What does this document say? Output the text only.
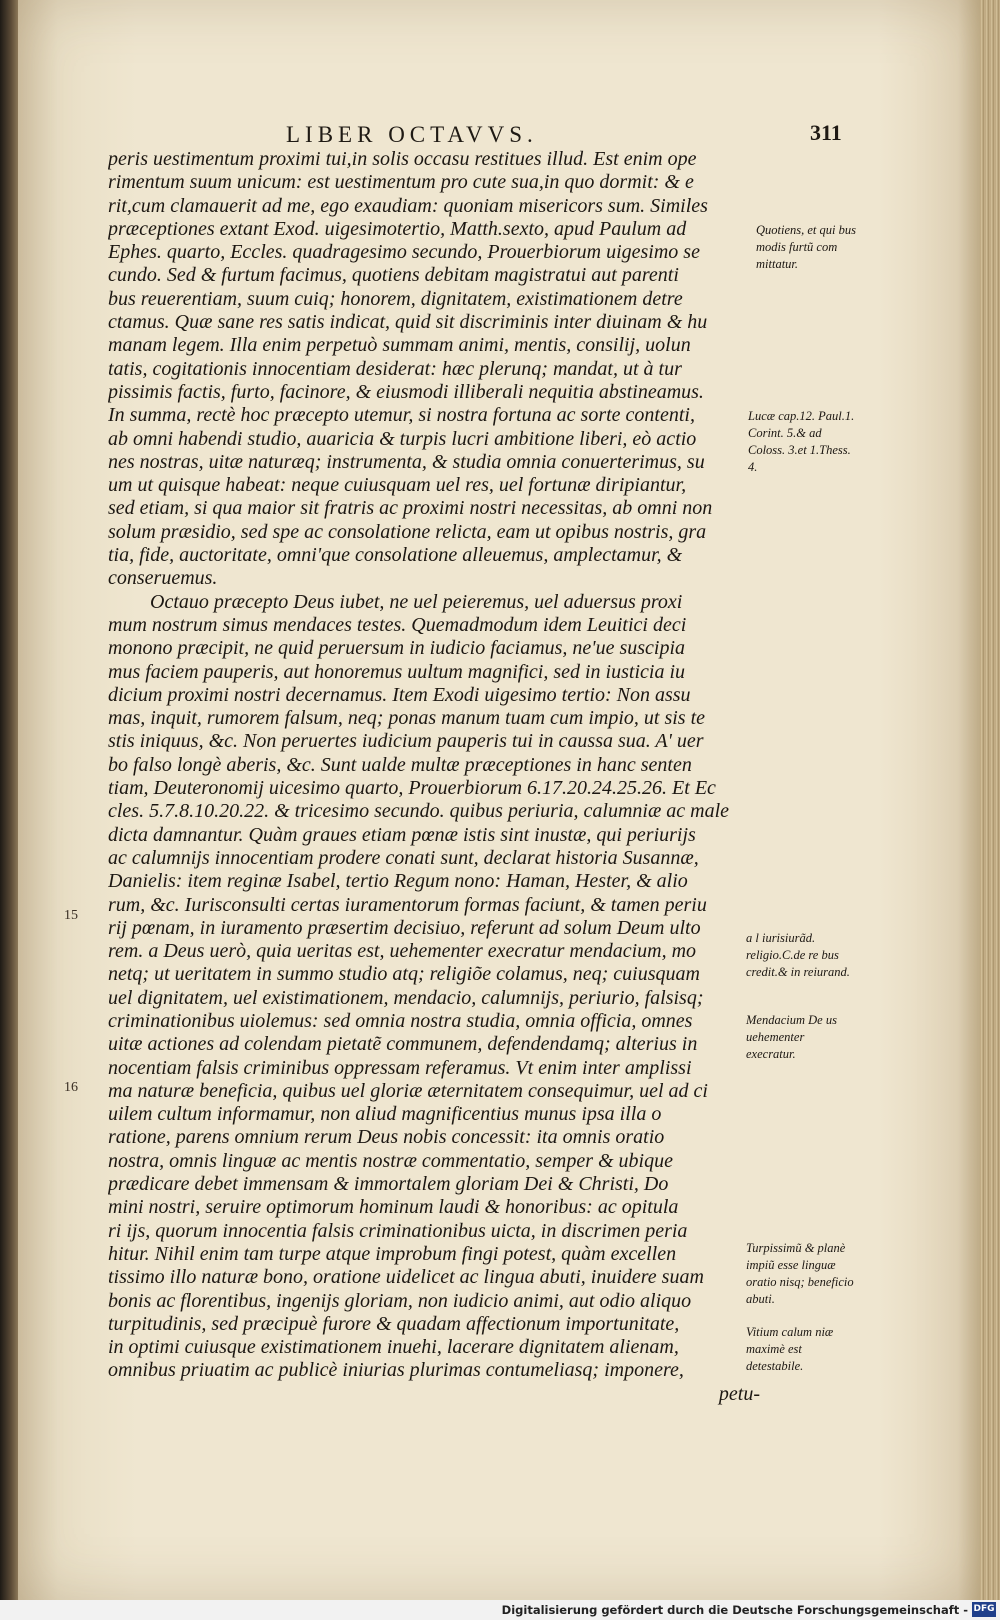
LIBER OCTAVVS.	311
peris uestimentum proximi tui,in solis occasu restitues illud. Est enim ope
rimentum suum unicum: est uestimentum pro cute sua,in quo dormit: & e
rit,cum clamauerit ad me, ego exaudiam: quoniam misericors sum. Similes
præceptiones extant Exod. uigesimotertio, Matth.sexto, apud Paulum ad
Ephes. quarto, Eccles. quadragesimo secundo, Prouerbiorum uigesimo se
cundo. Sed & furtum facimus, quotiens debitam magistratui aut parenti
bus reuerentiam, suum cuiq; honorem, dignitatem, existimationem detre
ctamus. Quæ sane res satis indicat, quid sit discriminis inter diuinam & hu
manam legem. Illa enim perpetuò summam animi, mentis, consilij, uolun
tatis, cogitationis innocentiam desiderat: hæc plerunq; mandat, ut à tur
pissimis factis, furto, facinore, & eiusmodi illiberali nequitia abstineamus.
In summa, rectè hoc præcepto utemur, si nostra fortuna ac sorte contenti,
ab omni habendi studio, auaricia & turpis lucri ambitione liberi, eò actio
nes nostras, uitæ naturæq; instrumenta, & studia omnia conuerterimus, su
um ut quisque habeat: neque cuiusquam uel res, uel fortunæ diripiantur,
sed etiam, si qua maior sit fratris ac proximi nostri necessitas, ab omni non
solum præsidio, sed spe ac consolatione relicta, eam ut opibus nostris, gra
tia, fide, auctoritate, omni'que consolatione alleuemus, amplectamur, &
conseruemus.
Octauo præcepto Deus iubet, ne uel peieremus, uel aduersus proxi
mum nostrum simus mendaces testes. Quemadmodum idem Leuitici deci
monono præcipit, ne quid peruersum in iudicio faciamus, ne'ue suscipia
mus faciem pauperis, aut honoremus uultum magnifici, sed in iusticia iu
dicium proximi nostri decernamus. Item Exodi uigesimo tertio: Non assu
mas, inquit, rumorem falsum, neq; ponas manum tuam cum impio, ut sis te
stis iniquus, &c. Non peruertes iudicium pauperis tui in caussa sua. A' uer
bo falso longè aberis, &c. Sunt ualde multæ præceptiones in hanc senten
tiam, Deuteronomij uicesimo quarto, Prouerbiorum 6.17.20.24.25.26. Et Ec
cles. 5.7.8.10.20.22. & tricesimo secundo. quibus periuria, calumniæ ac male
dicta damnantur. Quàm graues etiam pœnæ istis sint inustæ, qui periurijs
ac calumnijs innocentiam prodere conati sunt, declarat historia Susannæ,
Danielis: item reginæ Isabel, tertio Regum nono: Haman, Hester, & alio
rum, &c. Iurisconsulti certas iuramentorum formas faciunt, & tamen periu
rij pœnam, in iuramento præsertim decisiuo, referunt ad solum Deum ulto
rem. a Deus uerò, quia ueritas est, uehementer execratur mendacium, mo
netq; ut ueritatem in summo studio atq; religiõe colamus, neq; cuiusquam
uel dignitatem, uel existimationem, mendacio, calumnijs, periurio, falsisq;
criminationibus uiolemus: sed omnia nostra studia, omnia officia, omnes
uitæ actiones ad colendam pietatẽ communem, defendendamq; alterius in
nocentiam falsis criminibus oppressam referamus. Vt enim inter amplissi
ma naturæ beneficia, quibus uel gloriæ æternitatem consequimur, uel ad ci
uilem cultum informamur, non aliud magnificentius munus ipsa illa o
ratione, parens omnium rerum Deus nobis concessit: ita omnis oratio
nostra, omnis linguæ ac mentis nostræ commentatio, semper & ubique
prædicare debet immensam & immortalem gloriam Dei & Christi, Do
mini nostri, seruire optimorum hominum laudi & honoribus: ac opitula
ri ijs, quorum innocentia falsis criminationibus uicta, in discrimen peria
hitur. Nihil enim tam turpe atque improbum fingi potest, quàm excellen
tissimo illo naturæ bono, oratione uidelicet ac lingua abuti, inuidere suam
bonis ac florentibus, ingenijs gloriam, non iudicio animi, aut odio aliquo
turpitudinis, sed præcipuè furore & quadam affectionum importunitate,
in optimi cuiusque existimationem inuehi, lacerare dignitatem alienam,
omnibus priuatim ac publicè iniurias plurimas contumeliasq; imponere,
petu-
Quotiens, et qui bus modis furtũ com mittatur.
Lucæ cap.12. Paul.1. Corint. 5.& ad Coloss. 3.et 1.Thess. 4.
a l iurisiurãd. religio.C.de re bus credit.& in reiurand.
Mendacium De us uehementer execratur.
Turpissimũ & planè impiũ esse linguæ oratio nisq; beneficio abuti.
Vitium calum niæ maximè est detestabile.
15
16
Digitalisierung gefördert durch die Deutsche Forschungsgemeinschaft - DFG
